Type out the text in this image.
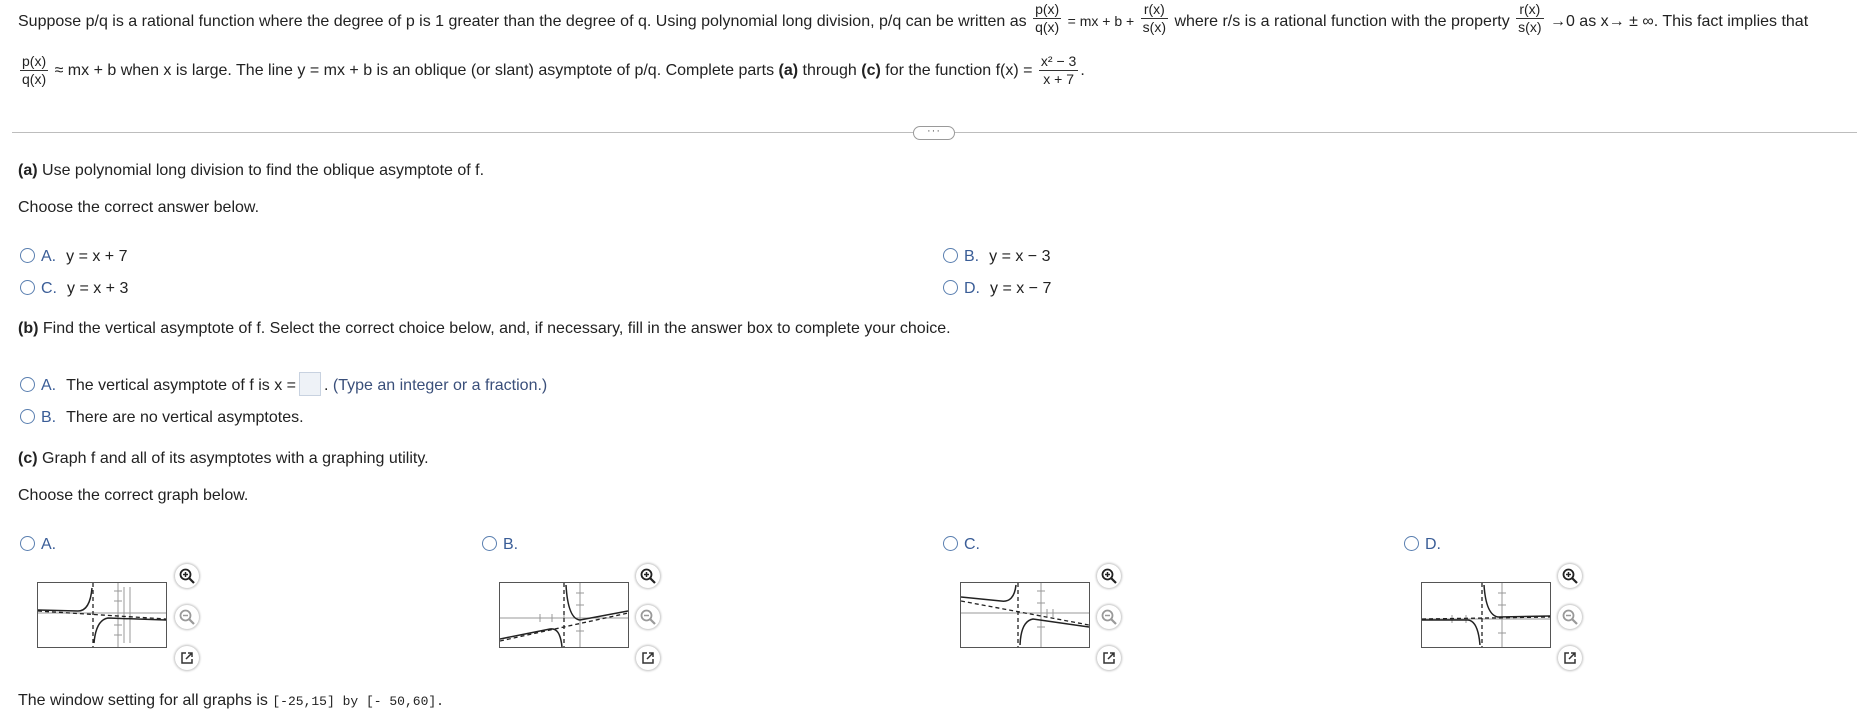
Suppose p/q is a rational function where the degree of p is 1 greater than the degree of q. Using polynomial long division, p/q can be written as $\frac{p(x)}{q(x)}$ = mx + $b + \frac{r(x)}{s(x)}$ where r/s is a rational function with the property $\frac{r(x)}{s(x)} \to 0$ as x→ ± ∞. This fact implies that
$\frac{p(x)}{q(x)}$ ≈ mx + b when x is large. The line y = mx + b is an oblique (or slant) asymptote of p/q. Complete parts (a) through (c) for the function $f(x) = \frac{\text{x² − 3}}{x + 7}$ .
···
(a) Use polynomial long division to find the oblique asymptote of f.
Choose the correct answer below.
A. y = x + 7	B. y = x − 3
C. y = x + 3	D. y = x − 7
(b) Find the vertical asymptote of f. Select the correct choice below, and, if necessary, fill in the answer box to complete your choice.
A. The vertical asymptote of f is x = . (Type an integer or a fraction.)
B. There are no vertical asymptotes.
(c) Graph f and all of its asymptotes with a graphing utility.
Choose the correct graph below.
A.	B.	C.	D.
The window setting for all graphs is [-25,15] by [- 50,60].
